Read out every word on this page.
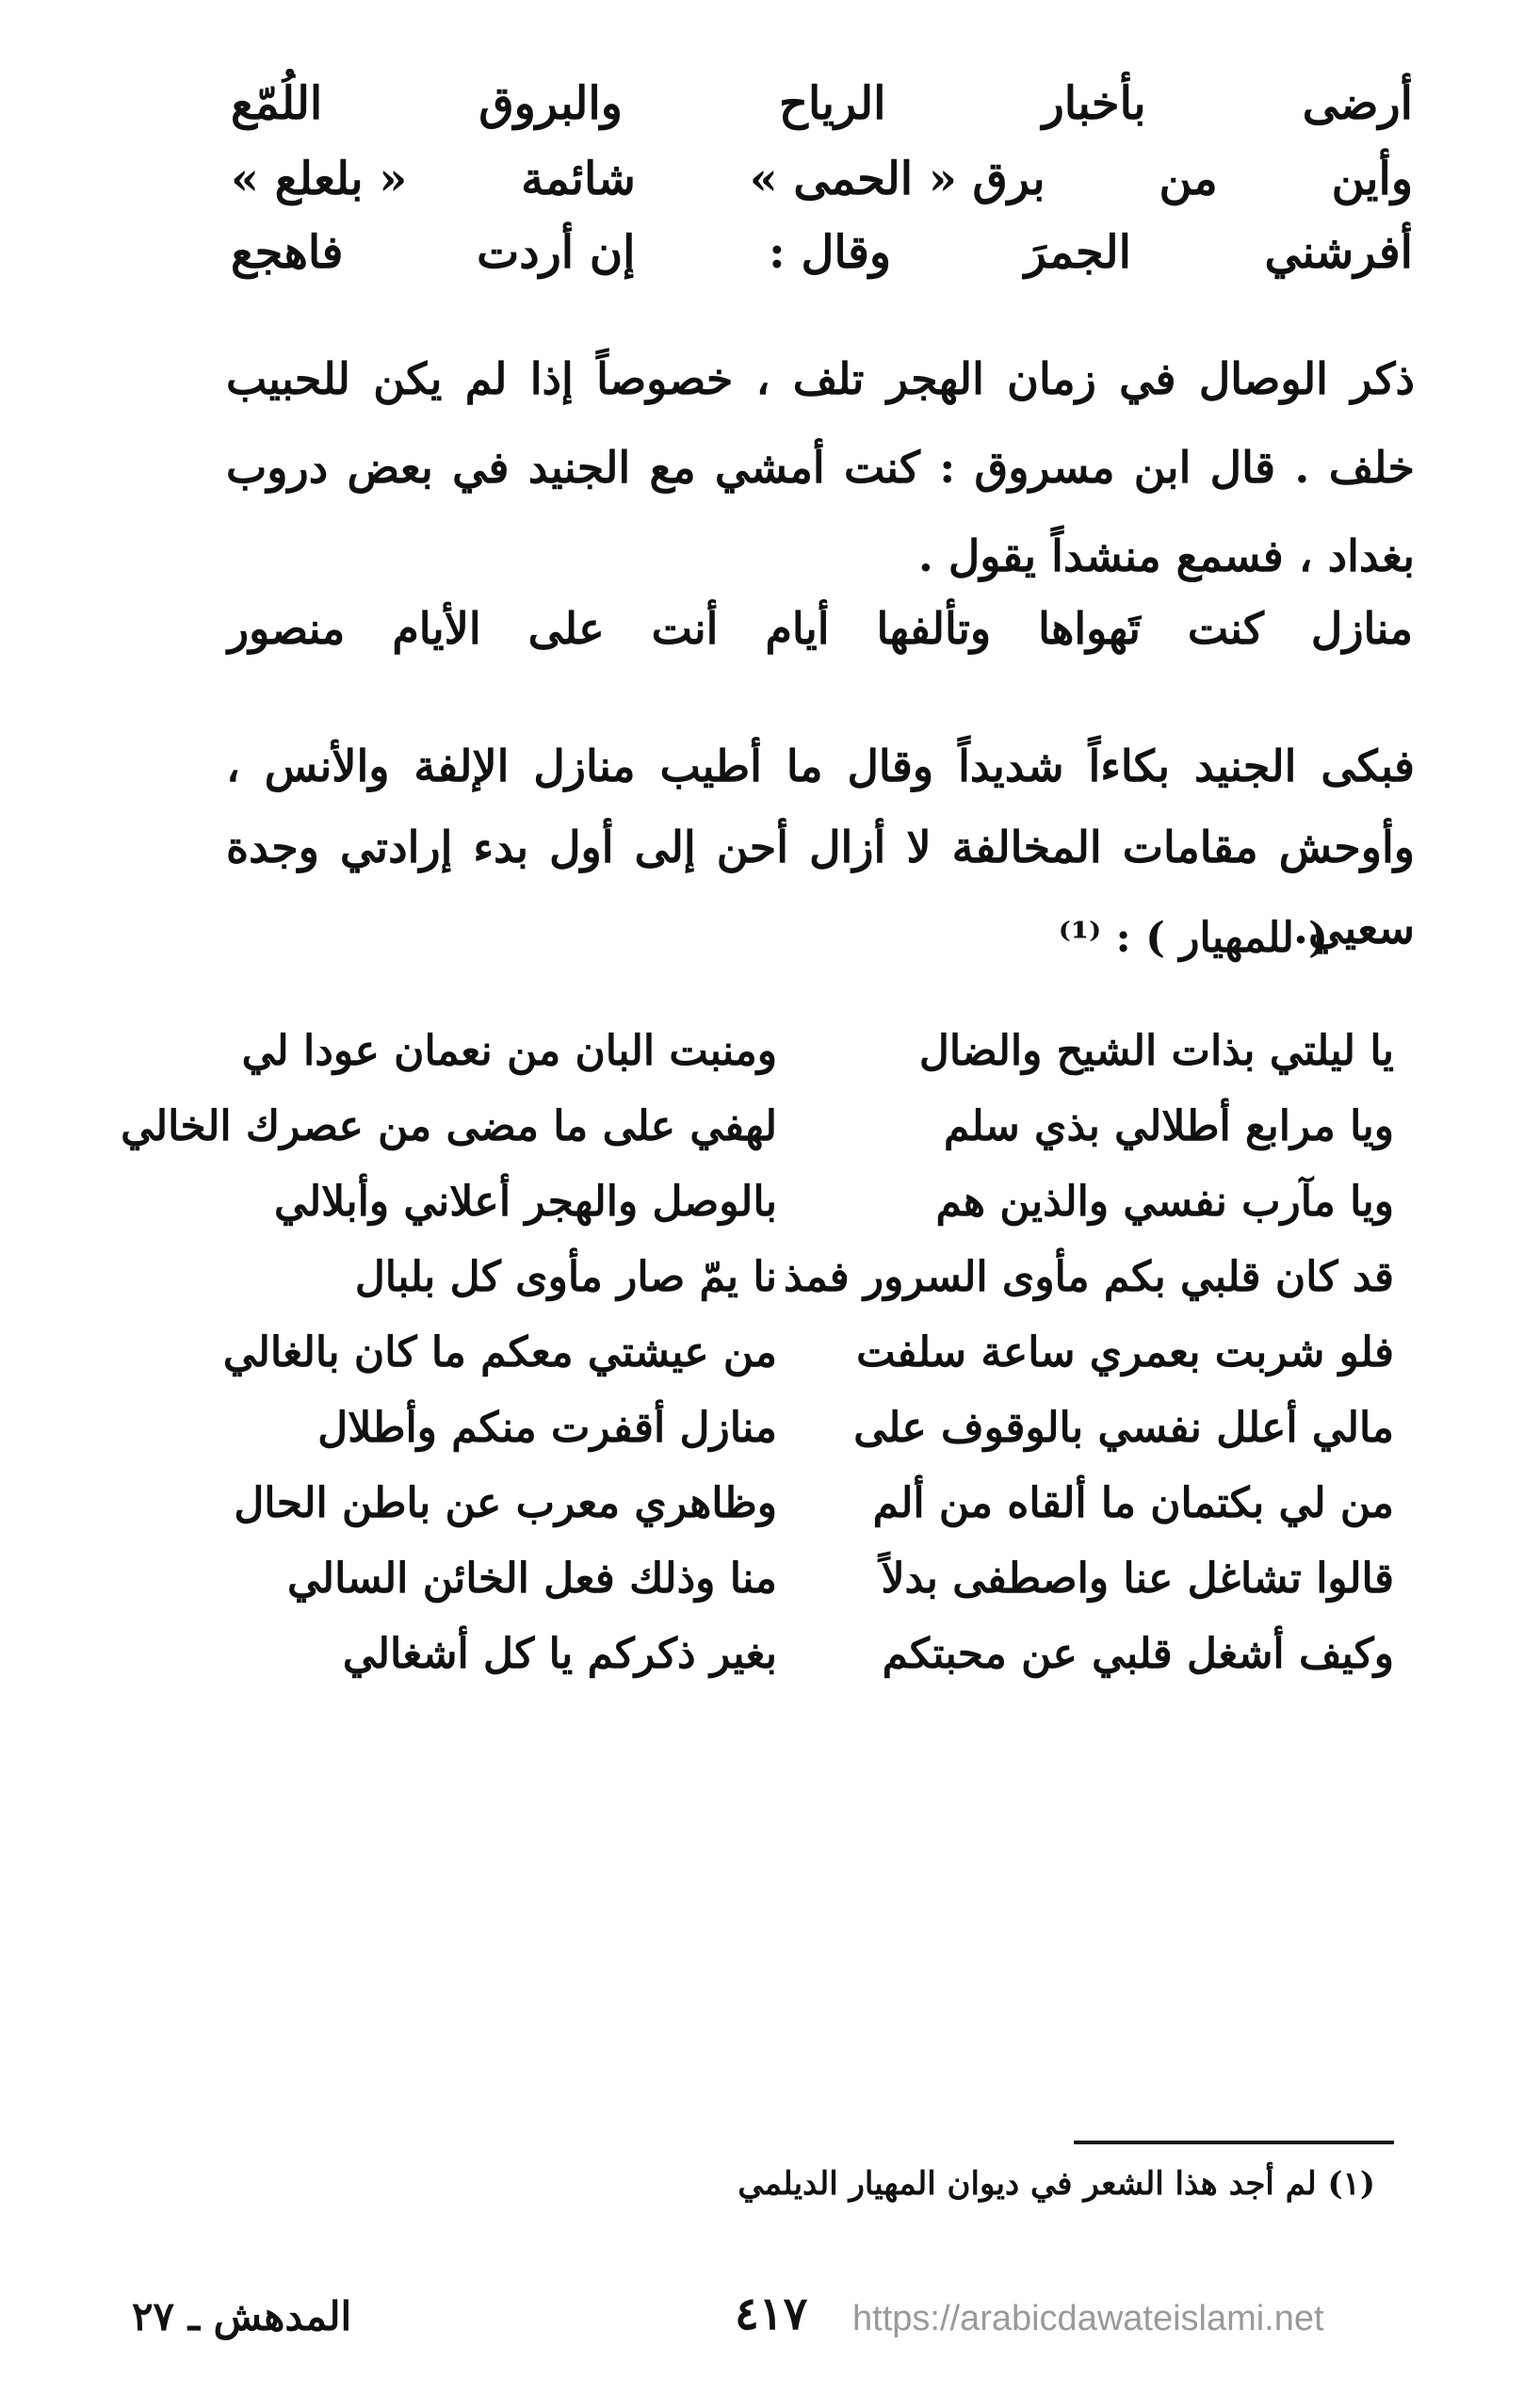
أرضى
بأخبار
الرياح
والبروق
اللُمّع
وأين
من
برق « الحمى »
شائمة
« بلعلع »
أفرشني
الجمرَ
وقال :
إن أردت
فاهجع
ذكر الوصال في زمان الهجر تلف ، خصوصاً إذا لم يكن للحبيب خلف . قال ابن مسروق : كنت أمشي مع الجنيد في بعض دروب بغداد ، فسمع منشداً يقول .
منازل كنت تَهواها وتألفها أيام أنت على الأيام منصور
فبكى الجنيد بكاءاً شديداً وقال ما أطيب منازل الإلفة والأنس ، وأوحش مقامات المخالفة لا أزال أحن إلى أول بدء إرادتي وجدة سعيي.
( للمهيار ) : ⁽¹⁾
يا ليلتي بذات الشيح والضال
ويا مرابع أطلالي بذي سلم
ويا مآرب نفسي والذين هم
قد كان قلبي بكم مأوى السرور فمذ
فلو شربت بعمري ساعة سلفت
مالي أعلل نفسي بالوقوف على
من لي بكتمان ما ألقاه من ألم
قالوا تشاغل عنا واصطفى بدلاً
وكيف أشغل قلبي عن محبتكم
ومنبت البان من نعمان عودا لي
لهفي على ما مضى من عصرك الخالي
بالوصل والهجر أعلاني وأبلالي
نا يمّ صار مأوى كل بلبال
من عيشتي معكم ما كان بالغالي
منازل أقفرت منكم وأطلال
وظاهري معرب عن باطن الحال
منا وذلك فعل الخائن السالي
بغير ذكركم يا كل أشغالي
(١) لم أجد هذا الشعر في ديوان المهيار الديلمي
المدهش ـ ٢٧	٤١٧ https://arabicdawateislami.net
